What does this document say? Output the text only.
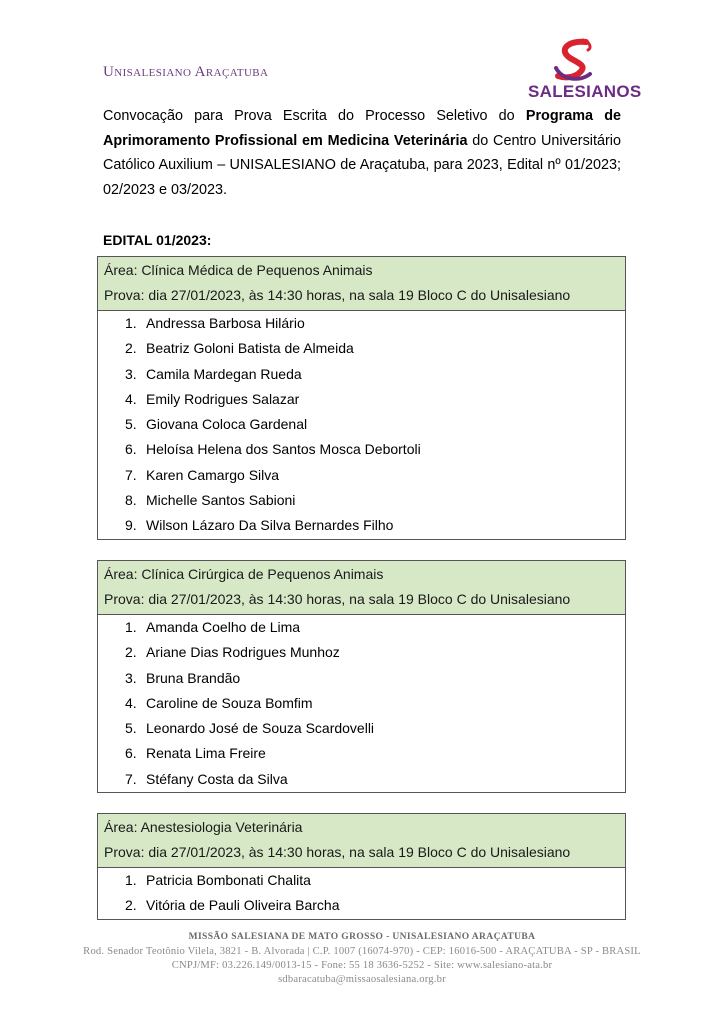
Unisalesiano Araçatuba
SALESIANOS
Convocação para Prova Escrita do Processo Seletivo do Programa de Aprimoramento Profissional em Medicina Veterinária do Centro Universitário Católico Auxilium – UNISALESIANO de Araçatuba, para 2023, Edital nº 01/2023; 02/2023 e 03/2023.
EDITAL 01/2023:
Área: Clínica Médica de Pequenos Animais
Prova: dia 27/01/2023, às 14:30 horas, na sala 19 Bloco C do Unisalesiano
1. Andressa Barbosa Hilário
2. Beatriz Goloni Batista de Almeida
3. Camila Mardegan Rueda
4. Emily Rodrigues Salazar
5. Giovana Coloca Gardenal
6. Heloísa Helena dos Santos Mosca Debortoli
7. Karen Camargo Silva
8. Michelle Santos Sabioni
9. Wilson Lázaro Da Silva Bernardes Filho
Área: Clínica Cirúrgica de Pequenos Animais
Prova: dia 27/01/2023, às 14:30 horas, na sala 19 Bloco C do Unisalesiano
1. Amanda Coelho de Lima
2. Ariane Dias Rodrigues Munhoz
3. Bruna Brandão
4. Caroline de Souza Bomfim
5. Leonardo José de Souza Scardovelli
6. Renata Lima Freire
7. Stéfany Costa da Silva
Área: Anestesiologia Veterinária
Prova: dia 27/01/2023, às 14:30 horas, na sala 19 Bloco C do Unisalesiano
1. Patricia Bombonati Chalita
2. Vitória de Pauli Oliveira Barcha
MISSÃO SALESIANA DE MATO GROSSO - UNISALESIANO ARAÇATUBA
Rod. Senador Teotônio Vilela, 3821 - B. Alvorada | C.P. 1007 (16074-970) - CEP: 16016-500 - ARAÇATUBA - SP - BRASIL
CNPJ/MF: 03.226.149/0013-15 - Fone: 55 18 3636-5252 - Site: www.salesiano-ata.br
sdbaracatuba@missaosalesiana.org.br
